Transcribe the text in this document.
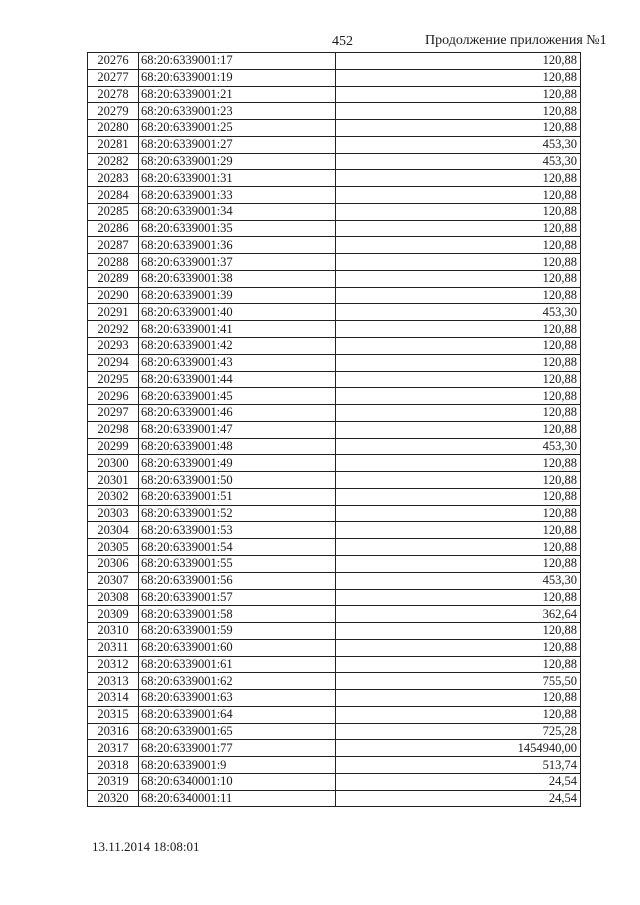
452	Продолжение приложения №1
20276	68:20:6339001:17	120,88
20277	68:20:6339001:19	120,88
20278	68:20:6339001:21	120,88
20279	68:20:6339001:23	120,88
20280	68:20:6339001:25	120,88
20281	68:20:6339001:27	453,30
20282	68:20:6339001:29	453,30
20283	68:20:6339001:31	120,88
20284	68:20:6339001:33	120,88
20285	68:20:6339001:34	120,88
20286	68:20:6339001:35	120,88
20287	68:20:6339001:36	120,88
20288	68:20:6339001:37	120,88
20289	68:20:6339001:38	120,88
20290	68:20:6339001:39	120,88
20291	68:20:6339001:40	453,30
20292	68:20:6339001:41	120,88
20293	68:20:6339001:42	120,88
20294	68:20:6339001:43	120,88
20295	68:20:6339001:44	120,88
20296	68:20:6339001:45	120,88
20297	68:20:6339001:46	120,88
20298	68:20:6339001:47	120,88
20299	68:20:6339001:48	453,30
20300	68:20:6339001:49	120,88
20301	68:20:6339001:50	120,88
20302	68:20:6339001:51	120,88
20303	68:20:6339001:52	120,88
20304	68:20:6339001:53	120,88
20305	68:20:6339001:54	120,88
20306	68:20:6339001:55	120,88
20307	68:20:6339001:56	453,30
20308	68:20:6339001:57	120,88
20309	68:20:6339001:58	362,64
20310	68:20:6339001:59	120,88
20311	68:20:6339001:60	120,88
20312	68:20:6339001:61	120,88
20313	68:20:6339001:62	755,50
20314	68:20:6339001:63	120,88
20315	68:20:6339001:64	120,88
20316	68:20:6339001:65	725,28
20317	68:20:6339001:77	1454940,00
20318	68:20:6339001:9	513,74
20319	68:20:6340001:10	24,54
20320	68:20:6340001:11	24,54
13.11.2014 18:08:01
